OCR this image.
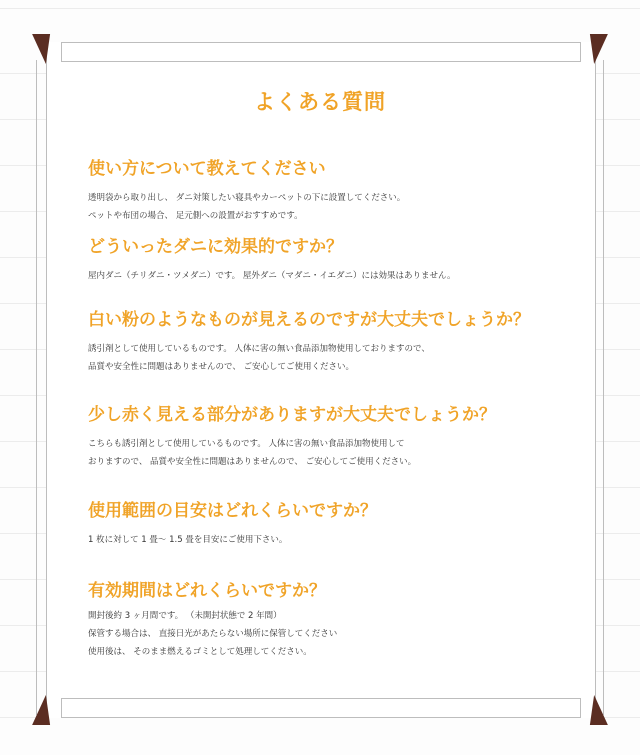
よくある質問
使い方について教えてください

透明袋から取り出し、 ダニ対策したい寝具やカーペットの下に設置してください。

ペットや布団の場合、 足元側への設置がおすすめです。

どういったダニに効果的ですか？

屋内ダニ（チリダニ・ツメダニ）です。 屋外ダニ（マダニ・イエダニ）には効果はありません。

白い粉のようなものが見えるのですが大丈夫でしょうか？

誘引剤として使用しているものです。 人体に害の無い食品添加物使用しておりますので、

品質や安全性に問題はありませんので、 ご安心してご使用ください。

少し赤く見える部分がありますが大丈夫でしょうか？

こちらも誘引剤として使用しているものです。 人体に害の無い食品添加物使用して

おりますので、 品質や安全性に問題はありませんので、 ご安心してご使用ください。

使用範囲の目安はどれくらいですか？

1 枚に対して 1 畳～ 1.5 畳を目安にご使用下さい。

有効期間はどれくらいですか？

開封後約 3 ヶ月間です。 （未開封状態で 2 年間）

保管する場合は、 直接日光があたらない場所に保管してください

使用後は、 そのまま燃えるゴミとして処理してください。
